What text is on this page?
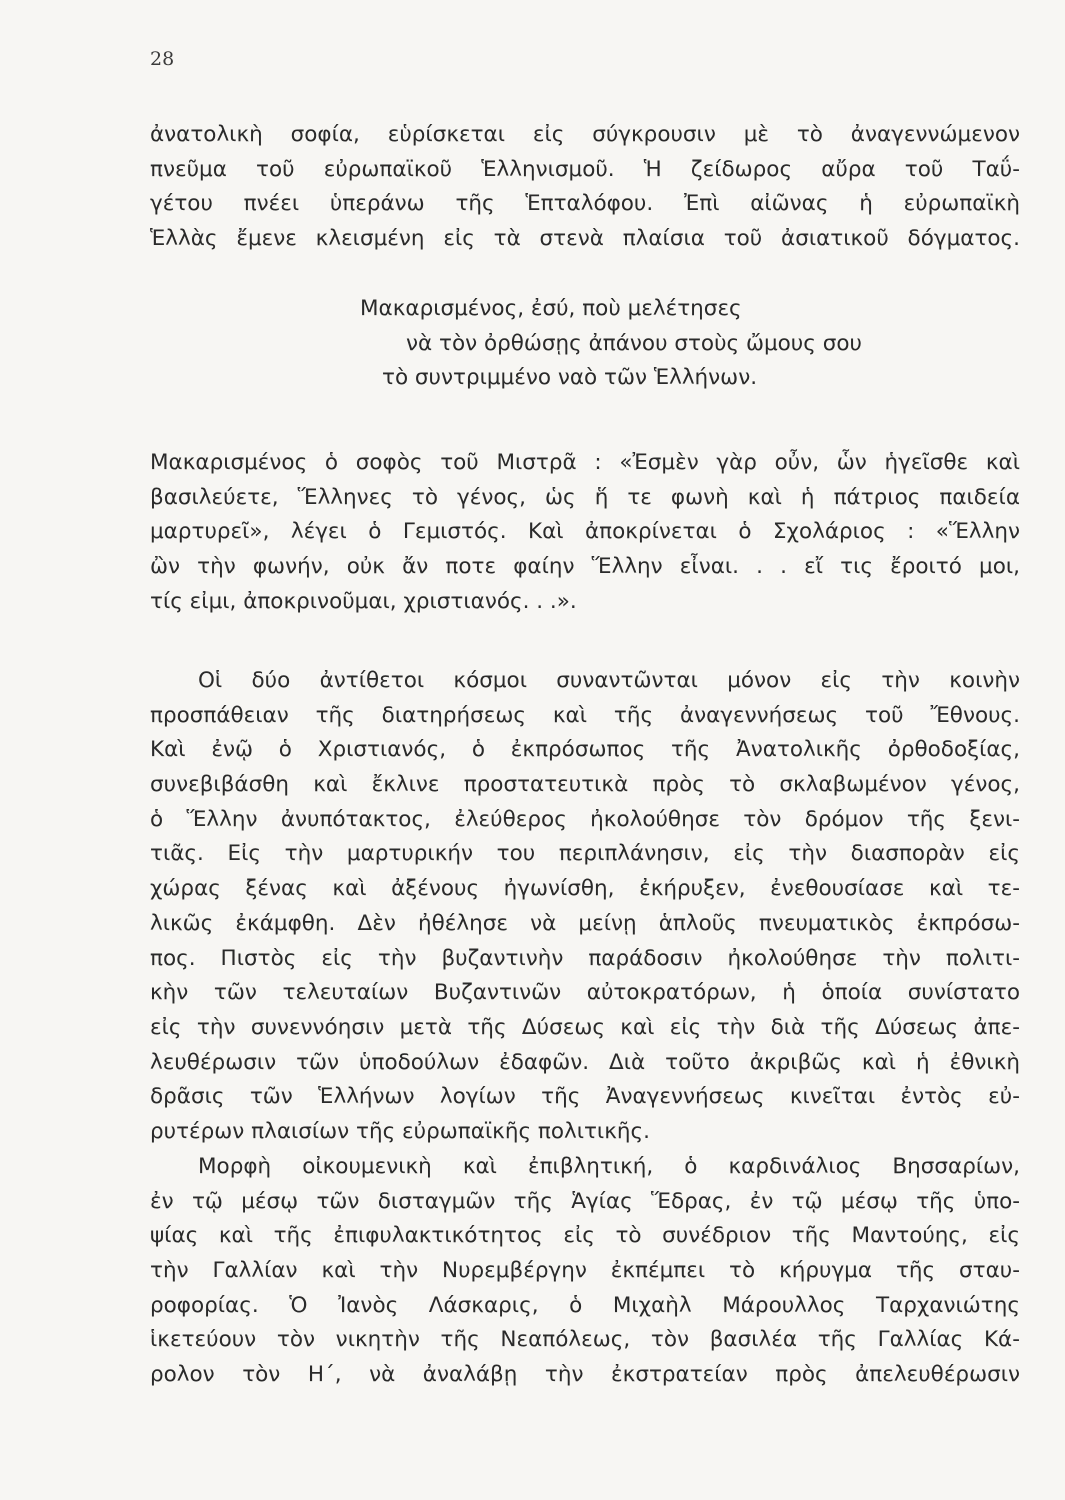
28
ἀνατολικὴ σοφία, εὑρίσκεται εἰς σύγκρουσιν μὲ τὸ ἀναγεννώμενον
πνεῦμα τοῦ εὐρωπαϊκοῦ Ἑλληνισμοῦ. Ἡ ζείδωρος αὔρα τοῦ Ταΰ-
γέτου πνέει ὑπεράνω τῆς Ἑπταλόφου. Ἐπὶ αἰῶνας ἡ εὐρωπαϊκὴ
Ἑλλὰς ἔμενε κλεισμένη εἰς τὰ στενὰ πλαίσια τοῦ ἀσιατικοῦ δόγματος.
Μακαρισμένος, ἐσύ, ποὺ μελέτησες
νὰ τὸν ὀρθώσῃς ἀπάνου στοὺς ὤμους σου
τὸ συντριμμένο ναὸ τῶν Ἑλλήνων.
Μακαρισμένος ὁ σοφὸς τοῦ Μιστρᾶ : «Ἐσμὲν γὰρ οὖν, ὧν ἡγεῖσθε καὶ
βασιλεύετε, Ἕλληνες τὸ γένος, ὡς ἥ τε φωνὴ καὶ ἡ πάτριος παιδεία
μαρτυρεῖ», λέγει ὁ Γεμιστός. Καὶ ἀποκρίνεται ὁ Σχολάριος : «Ἕλλην
ὢν τὴν φωνήν, οὐκ ἄν ποτε φαίην Ἕλλην εἶναι. . . εἴ τις ἔροιτό μοι,
τίς εἰμι, ἀποκρινοῦμαι, χριστιανός. . .».
Οἱ δύο ἀντίθετοι κόσμοι συναντῶνται μόνον εἰς τὴν κοινὴν
προσπάθειαν τῆς διατηρήσεως καὶ τῆς ἀναγεννήσεως τοῦ Ἔθνους.
Καὶ ἐνῷ ὁ Χριστιανός, ὁ ἐκπρόσωπος τῆς Ἀνατολικῆς ὀρθοδοξίας,
συνεβιβάσθη καὶ ἔκλινε προστατευτικὰ πρὸς τὸ σκλαβωμένον γένος,
ὁ Ἕλλην ἀνυπότακτος, ἐλεύθερος ἠκολούθησε τὸν δρόμον τῆς ξενι-
τιᾶς. Εἰς τὴν μαρτυρικήν του περιπλάνησιν, εἰς τὴν διασπορὰν εἰς
χώρας ξένας καὶ ἀξένους ἠγωνίσθη, ἐκήρυξεν, ἐνεθουσίασε καὶ τε-
λικῶς ἐκάμφθη. Δὲν ἠθέλησε νὰ μείνῃ ἁπλοῦς πνευματικὸς ἐκπρόσω-
πος. Πιστὸς εἰς τὴν βυζαντινὴν παράδοσιν ἠκολούθησε τὴν πολιτι-
κὴν τῶν τελευταίων Βυζαντινῶν αὐτοκρατόρων, ἡ ὁποία συνίστατο
εἰς τὴν συνεννόησιν μετὰ τῆς Δύσεως καὶ εἰς τὴν διὰ τῆς Δύσεως ἀπε-
λευθέρωσιν τῶν ὑποδούλων ἐδαφῶν. Διὰ τοῦτο ἀκριβῶς καὶ ἡ ἐθνικὴ
δρᾶσις τῶν Ἑλλήνων λογίων τῆς Ἀναγεννήσεως κινεῖται ἐντὸς εὐ-
ρυτέρων πλαισίων τῆς εὐρωπαϊκῆς πολιτικῆς.
Μορφὴ οἰκουμενικὴ καὶ ἐπιβλητική, ὁ καρδινάλιος Βησσαρίων,
ἐν τῷ μέσῳ τῶν δισταγμῶν τῆς Ἁγίας Ἕδρας, ἐν τῷ μέσῳ τῆς ὑπο-
ψίας καὶ τῆς ἐπιφυλακτικότητος εἰς τὸ συνέδριον τῆς Μαντούης, εἰς
τὴν Γαλλίαν καὶ τὴν Νυρεμβέργην ἐκπέμπει τὸ κήρυγμα τῆς σταυ-
ροφορίας. Ὁ Ἰανὸς Λάσκαρις, ὁ Μιχαὴλ Μάρουλλος Ταρχανιώτης
ἱκετεύουν τὸν νικητὴν τῆς Νεαπόλεως, τὸν βασιλέα τῆς Γαλλίας Κά-
ρολον τὸν Η΄, νὰ ἀναλάβῃ τὴν ἐκστρατείαν πρὸς ἀπελευθέρωσιν
